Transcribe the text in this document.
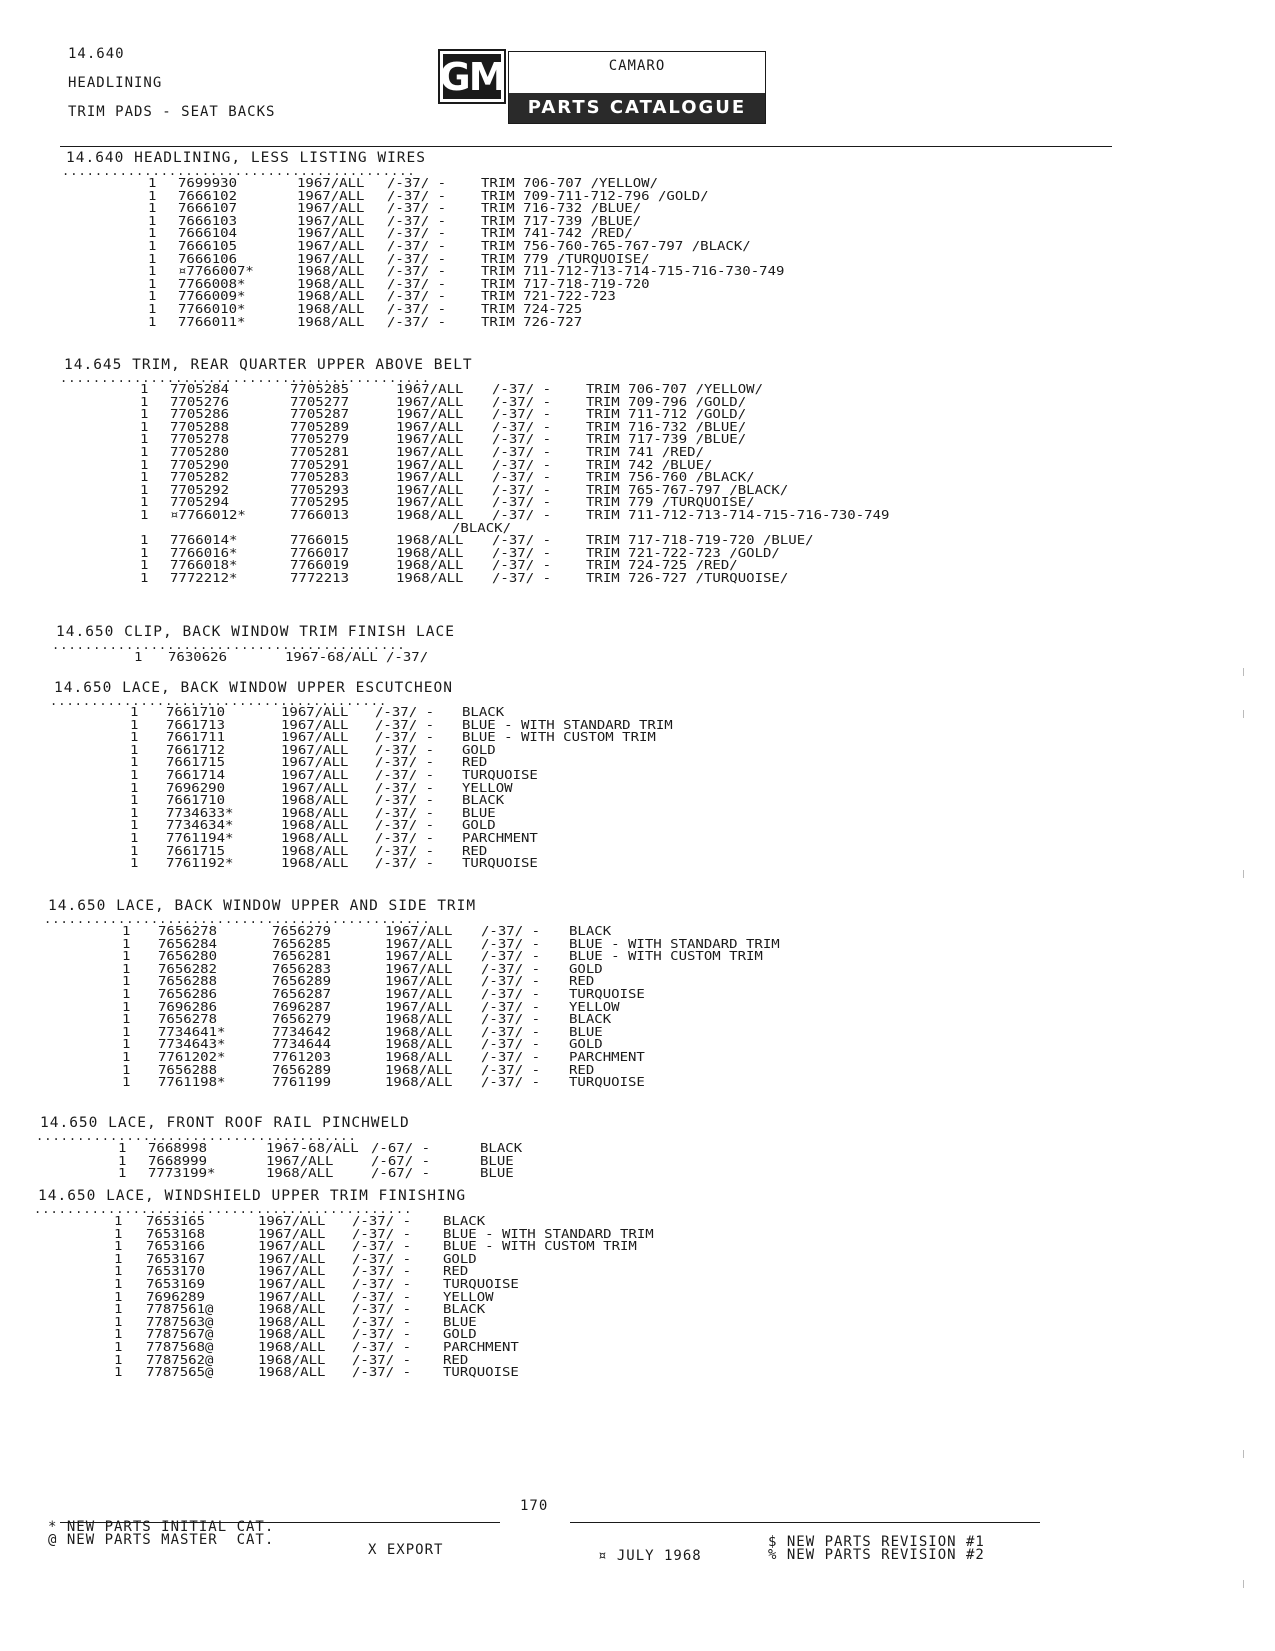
14.640
HEADLINING
TRIM PADS - SEAT BACKS
GM	CAMARO
PARTS CATALOGUE
14.640 HEADLINING, LESS LISTING WIRES
...........................................
1 7699930	1967/ALL /-37/ - TRIM 706-707 /YELLOW/
1 7666102	1967/ALL /-37/ - TRIM 709-711-712-796 /GOLD/
1 7666107	1967/ALL /-37/ - TRIM 716-732 /BLUE/
1 7666103	1967/ALL /-37/ - TRIM 717-739 /BLUE/
1 7666104	1967/ALL /-37/ - TRIM 741-742 /RED/
1 7666105	1967/ALL /-37/ - TRIM 756-760-765-767-797 /BLACK/
1 7666106	1967/ALL /-37/ - TRIM 779 /TURQUOISE/
1 ¤7766007*	1968/ALL /-37/ - TRIM 711-712-713-714-715-716-730-749
1 7766008*	1968/ALL /-37/ - TRIM 717-718-719-720
1 7766009*	1968/ALL /-37/ - TRIM 721-722-723
1 7766010*	1968/ALL /-37/ - TRIM 724-725
1 7766011*	1968/ALL /-37/ - TRIM 726-727
14.645 TRIM, REAR QUARTER UPPER ABOVE BELT
.............................................
1 7705284	7705285	1967/ALL /-37/ - TRIM 706-707 /YELLOW/
1 7705276	7705277	1967/ALL /-37/ - TRIM 709-796 /GOLD/
1 7705286	7705287	1967/ALL /-37/ - TRIM 711-712 /GOLD/
1 7705288	7705289	1967/ALL /-37/ - TRIM 716-732 /BLUE/
1 7705278	7705279	1967/ALL /-37/ - TRIM 717-739 /BLUE/
1 7705280	7705281	1967/ALL /-37/ - TRIM 741 /RED/
1 7705290	7705291	1967/ALL /-37/ - TRIM 742 /BLUE/
1 7705282	7705283	1967/ALL /-37/ - TRIM 756-760 /BLACK/
1 7705292	7705293	1967/ALL /-37/ - TRIM 765-767-797 /BLACK/
1 7705294	7705295	1967/ALL /-37/ - TRIM 779 /TURQUOISE/
1 ¤7766012*	7766013	1968/ALL /-37/ - TRIM 711-712-713-714-715-716-730-749
/BLACK/
1 7766014*	7766015	1968/ALL /-37/ - TRIM 717-718-719-720 /BLUE/
1 7766016*	7766017	1968/ALL /-37/ - TRIM 721-722-723 /GOLD/
1 7766018*	7766019	1968/ALL /-37/ - TRIM 724-725 /RED/
1 7772212*	7772213	1968/ALL /-37/ - TRIM 726-727 /TURQUOISE/
14.650 CLIP, BACK WINDOW TRIM FINISH LACE
...........................................
1 7630626	1967-68/ALL /-37/
14.650 LACE, BACK WINDOW UPPER ESCUTCHEON
.........................................
1 7661710	1967/ALL /-37/ - BLACK
1 7661713	1967/ALL /-37/ - BLUE - WITH STANDARD TRIM
1 7661711	1967/ALL /-37/ - BLUE - WITH CUSTOM TRIM
1 7661712	1967/ALL /-37/ - GOLD
1 7661715	1967/ALL /-37/ - RED
1 7661714	1967/ALL /-37/ - TURQUOISE
1 7696290	1967/ALL /-37/ - YELLOW
1 7661710	1968/ALL /-37/ - BLACK
1 7734633*	1968/ALL /-37/ - BLUE
1 7734634*	1968/ALL /-37/ - GOLD
1 7761194*	1968/ALL /-37/ - PARCHMENT
1 7661715	1968/ALL /-37/ - RED
1 7761192*	1968/ALL /-37/ - TURQUOISE
14.650 LACE, BACK WINDOW UPPER AND SIDE TRIM
...............................................
1 7656278	7656279	1967/ALL /-37/ - BLACK
1 7656284	7656285	1967/ALL /-37/ - BLUE - WITH STANDARD TRIM
1 7656280	7656281	1967/ALL /-37/ - BLUE - WITH CUSTOM TRIM
1 7656282	7656283	1967/ALL /-37/ - GOLD
1 7656288	7656289	1967/ALL /-37/ - RED
1 7656286	7656287	1967/ALL /-37/ - TURQUOISE
1 7696286	7696287	1967/ALL /-37/ - YELLOW
1 7656278	7656279	1968/ALL /-37/ - BLACK
1 7734641*	7734642	1968/ALL /-37/ - BLUE
1 7734643*	7734644	1968/ALL /-37/ - GOLD
1 7761202*	7761203	1968/ALL /-37/ - PARCHMENT
1 7656288	7656289	1968/ALL /-37/ - RED
1 7761198*	7761199	1968/ALL /-37/ - TURQUOISE
14.650 LACE, FRONT ROOF RAIL PINCHWELD
.......................................
1 7668998	1967-68/ALL /-67/ -	BLACK
1 7668999	1967/ALL	/-67/ -	BLUE
1 7773199*	1968/ALL	/-67/ -	BLUE
14.650 LACE, WINDSHIELD UPPER TRIM FINISHING
..............................................
1 7653165	1967/ALL /-37/ - BLACK
1 7653168	1967/ALL /-37/ - BLUE - WITH STANDARD TRIM
1 7653166	1967/ALL /-37/ - BLUE - WITH CUSTOM TRIM
1 7653167	1967/ALL /-37/ - GOLD
1 7653170	1967/ALL /-37/ - RED
1 7653169	1967/ALL /-37/ - TURQUOISE
1 7696289	1967/ALL /-37/ - YELLOW
1 7787561@	1968/ALL /-37/ - BLACK
1 7787563@	1968/ALL /-37/ - BLUE
1 7787567@	1968/ALL /-37/ - GOLD
1 7787568@	1968/ALL /-37/ - PARCHMENT
1 7787562@	1968/ALL /-37/ - RED
1 7787565@	1968/ALL /-37/ - TURQUOISE
170
* NEW PARTS INITIAL CAT.
@ NEW PARTS MASTER  CAT.
X EXPORT	¤ JULY 1968
$ NEW PARTS REVISION #1
% NEW PARTS REVISION #2
